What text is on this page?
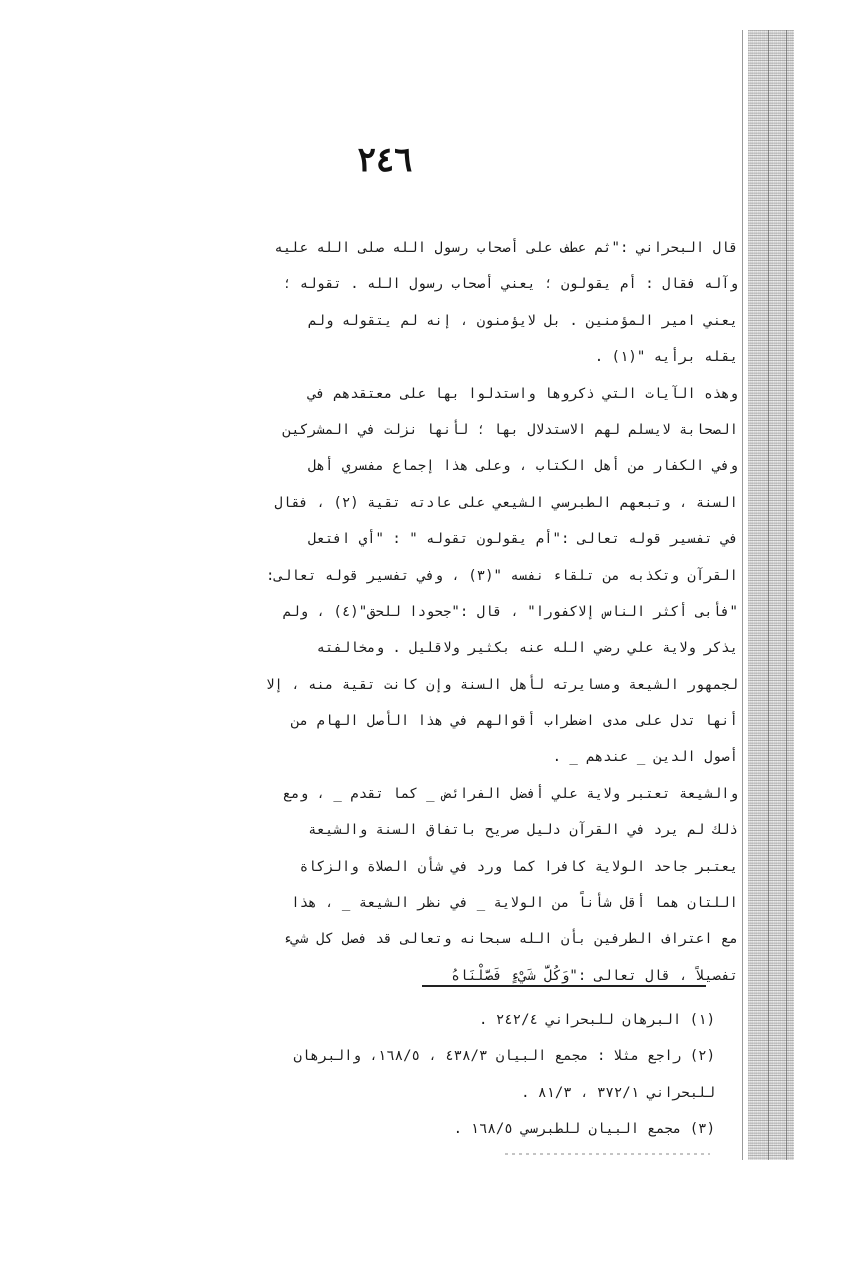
٢٤٦
قال البحراني :"ثم عطف على أصحاب رسول الله صلى الله عليه
وآله فقال : أم يقولون ؛ يعني أصحاب رسول الله . تقوله ؛
يعني امير المؤمنين . بل لايؤمنون ، إنه لم يتقوله ولم
يقله برأيه "(١) .
وهذه الآيات التي ذكروها واستدلوا بها على معتقدهم في
الصحابة لايسلم لهم الاستدلال بها ؛ لأنها نزلت في المشركين
وفي الكفار من أهل الكتاب ، وعلى هذا إجماع مفسري أهل
السنة ، وتبعهم الطبرسي الشيعي على عادته تقية (٢) ، فقال
في تفسير قوله تعالى :"أم يقولون تقوله " : "أي افتعل
القرآن وتكذبه من تلقاء نفسه "(٣) ، وفي تفسير قوله تعالى:
"فأبى أكثر الناس إلاكفورا" ، قال :"جحودا للحق"(٤) ، ولم
يذكر ولاية علي رضي الله عنه بكثير ولاقليل . ومخالفته
لجمهور الشيعة ومسايرته لأهل السنة وإن كانت تقية منه ، إلا
أنها تدل على مدى اضطراب أقوالهم في هذا الأصل الهام من
أصول الدين _ عندهم _ .
والشيعة تعتبر ولاية علي أفضل الفرائض _ كما تقدم _ ، ومع
ذلك لم يرد في القرآن دليل صريح باتفاق السنة والشيعة
يعتبر جاحد الولاية كافرا كما ورد في شأن الصلاة والزكاة
اللتان هما أقل شأناً من الولاية _ في نظر الشيعة _ ، هذا
مع اعتراف الطرفين بأن الله سبحانه وتعالى قد فصل كل شيء
تفصيلاً ، قال تعالى :"وَكُلَّ شَيْءٍ فَصَّلْنَاهُ
(١) البرهان للبحراني ٢٤٢/٤ .
(٢) راجع مثلا : مجمع البيان ٤٣٨/٣ ، ١٦٨/٥، والبرهان
للبحراني ٣٧٢/١ ، ٨١/٣ .
(٣) مجمع البيان للطبرسي ١٦٨/٥ .
